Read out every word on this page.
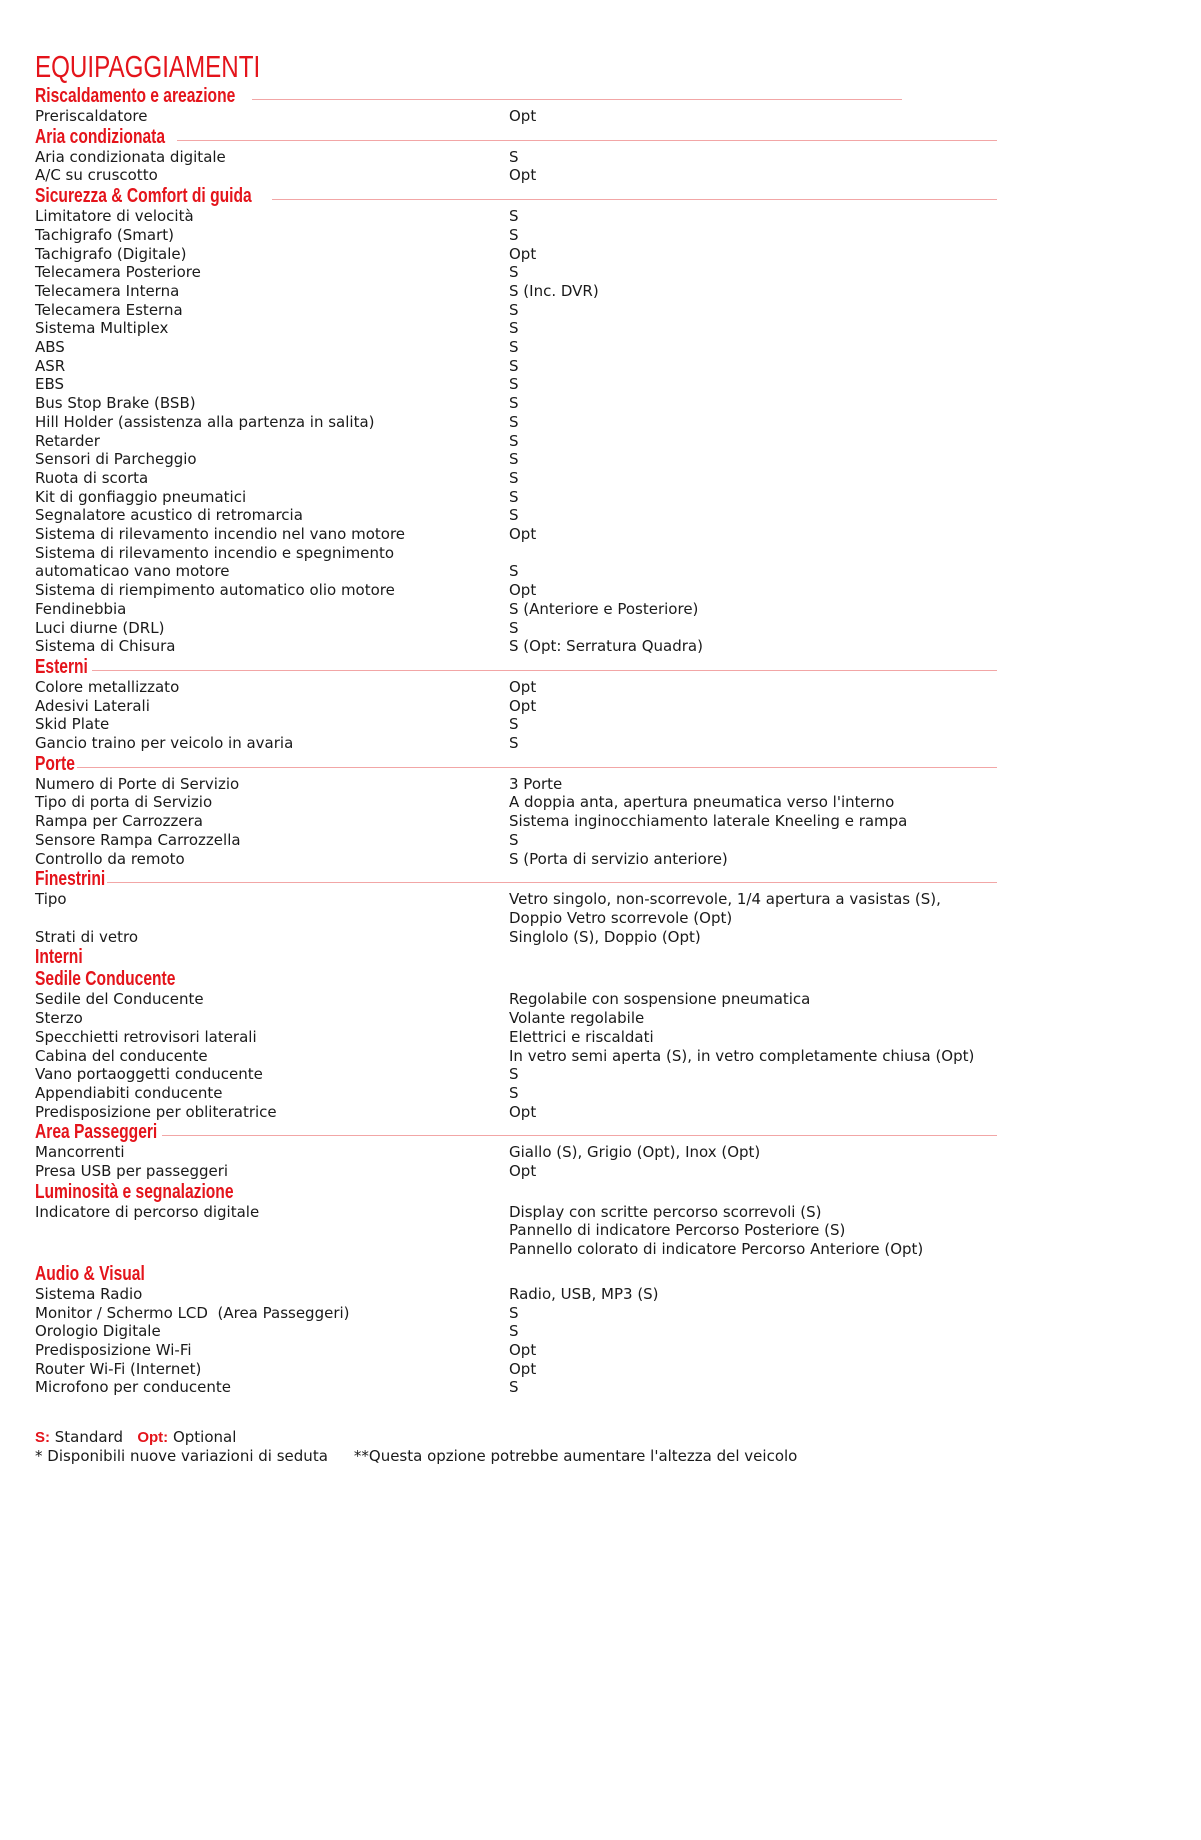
EQUIPAGGIAMENTI
Riscaldamento e areazione
Preriscaldatore	Opt
Aria condizionata
Aria condizionata digitale	S
A/C su cruscotto	Opt
Sicurezza & Comfort di guida
Limitatore di velocità	S
Tachigrafo (Smart)	S
Tachigrafo (Digitale)	Opt
Telecamera Posteriore	S
Telecamera Interna	S (Inc. DVR)
Telecamera Esterna	S
Sistema Multiplex	S
ABS	S
ASR	S
EBS	S
Bus Stop Brake (BSB)	S
Hill Holder (assistenza alla partenza in salita)	S
Retarder	S
Sensori di Parcheggio	S
Ruota di scorta	S
Kit di gonfiaggio pneumatici	S
Segnalatore acustico di retromarcia	S
Sistema di rilevamento incendio nel vano motore	Opt
Sistema di rilevamento incendio e spegnimento
automaticao vano motore	S
Sistema di riempimento automatico olio motore	Opt
Fendinebbia	S (Anteriore e Posteriore)
Luci diurne (DRL)	S
Sistema di Chisura	S (Opt: Serratura Quadra)
Esterni
Colore metallizzato	Opt
Adesivi Laterali	Opt
Skid Plate	S
Gancio traino per veicolo in avaria	S
Porte
Numero di Porte di Servizio	3 Porte
Tipo di porta di Servizio	A doppia anta, apertura pneumatica verso l'interno
Rampa per Carrozzera	Sistema inginocchiamento laterale Kneeling e rampa
Sensore Rampa Carrozzella	S
Controllo da remoto	S (Porta di servizio anteriore)
Finestrini
Tipo	Vetro singolo, non-scorrevole, 1/4 apertura a vasistas (S),
Doppio Vetro scorrevole (Opt)
Strati di vetro	Singlolo (S), Doppio (Opt)
Interni
Sedile Conducente
Sedile del Conducente	Regolabile con sospensione pneumatica
Sterzo	Volante regolabile
Specchietti retrovisori laterali	Elettrici e riscaldati
Cabina del conducente	In vetro semi aperta (S), in vetro completamente chiusa (Opt)
Vano portaoggetti conducente	S
Appendiabiti conducente	S
Predisposizione per obliteratrice	Opt
Area Passeggeri
Mancorrenti	Giallo (S), Grigio (Opt), Inox (Opt)
Presa USB per passeggeri	Opt
Luminosità e segnalazione
Indicatore di percorso digitale	Display con scritte percorso scorrevoli (S)
Pannello di indicatore Percorso Posteriore (S)
Pannello colorato di indicatore Percorso Anteriore (Opt)
Audio & Visual
Sistema Radio	Radio, USB, MP3 (S)
Monitor / Schermo LCD  (Area Passeggeri)	S
Orologio Digitale	S
Predisposizione Wi-Fi	Opt
Router Wi-Fi (Internet)	Opt
Microfono per conducente	S
S: Standard Opt: Optional
* Disponibili nuove variazioni di seduta **Questa opzione potrebbe aumentare l'altezza del veicolo
